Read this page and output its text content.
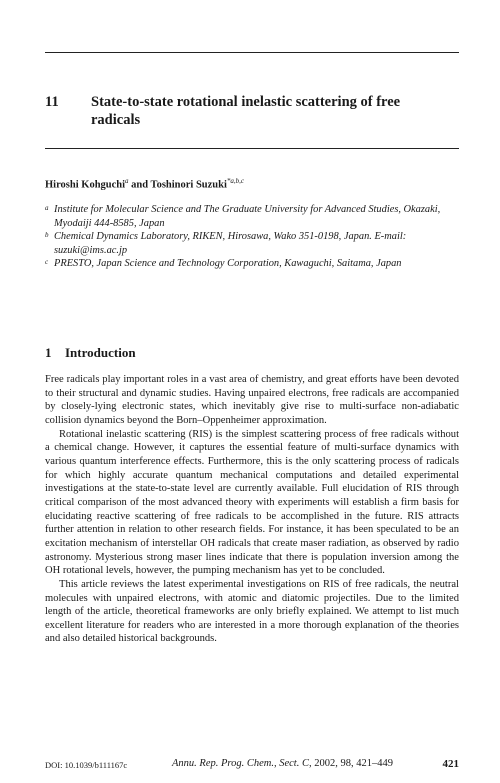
11 State-to-state rotational inelastic scattering of free radicals
Hiroshi Kohguchi$^a$ and Toshinori Suzuki$^{*a,b,c}$
a Institute for Molecular Science and The Graduate University for Advanced Studies, Okazaki, Myodaiji 444-8585, Japan
b Chemical Dynamics Laboratory, RIKEN, Hirosawa, Wako 351-0198, Japan. E-mail: suzuki@ims.ac.jp
c PRESTO, Japan Science and Technology Corporation, Kawaguchi, Saitama, Japan
1 Introduction

Free radicals play important roles in a vast area of chemistry, and great efforts have been devoted to their structural and dynamic studies. Having unpaired electrons, free radicals are accompanied by closely-lying electronic states, which inevitably give rise to multi-surface non-adiabatic collision dynamics beyond the Born–Oppenheimer approximation.

Rotational inelastic scattering (RIS) is the simplest scattering process of free radicals without a chemical change. However, it captures the essential feature of multi-surface dynamics with various quantum interference effects. Furthermore, this is the only scattering process of radicals for which highly accurate quantum mechanical computations and detailed experimental investigations at the state-to-state level are currently available. Full elucidation of RIS through critical comparison of the most advanced theory with experiments will establish a firm basis for elucidating reactive scattering of free radicals to be accomplished in the future. RIS attracts further attention in relation to other research fields. For instance, it has been speculated to be an excitation mechanism of interstellar OH radicals that create maser radiation, as observed by radio astronomy. Mysterious strong maser lines indicate that there is population inversion among the OH rotational levels, however, the pumping mechanism has yet to be concluded.

This article reviews the latest experimental investigations on RIS of free radicals, the neutral molecules with unpaired electrons, with atomic and diatomic projectiles. Due to the limited length of the article, theoretical frameworks are only briefly explained. We attempt to list much excellent literature for readers who are interested in a more thorough explanation of the theories and also detailed historical backgrounds.

DOI: 10.1039/b111167c	Annu. Rep. Prog. Chem., Sect. C, 2002, 98, 421–449	421
